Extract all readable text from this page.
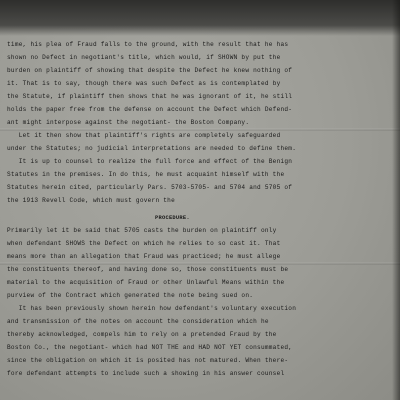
time, his plea of Fraud falls to the ground, with the result that he has
shown no Defect in negotiant's title, which would, if SHOWN by put the
burden on plaintiff of showing that despite the Defect he knew nothing of
it. That is to say, though there was such Defect as is contemplated by
the Statute, if plaintiff then shows that he was ignorant of it, he still
holds the paper free from the defense on account the Defect which Defend-
ant might interpose against the negotiant- the Boston Company.
Let it then show that plaintiff's rights are completely safeguarded
under the Statutes; no judicial interpretations are needed to define them.
It is up to counsel to realize the full force and effect of the Benign
Statutes in the premises. In do this, he must acquaint himself with the
Statutes herein cited, particularly Pars. 5703-5705- and 5704 and 5705 of
the 1913 Revell Code, which must govern the

PROCEDURE.

Primarily let it be said that 5705 casts the burden on plaintiff only
when defendant SHOWS the Defect on which he relies to so cast it. That
means more than an allegation that Fraud was practiced; he must allege
the constituents thereof, and having done so, those constituents must be
material to the acquisition of Fraud or other Unlawful Means within the
purview of the Contract which generated the note being sued on.
It has been previously shown herein how defendant's voluntary execution
and transmission of the notes on account the consideration which he
thereby acknowledged, compels him to rely on a pretended Fraud by the
Boston Co., the negotiant- which had NOT THE and HAD NOT YET consummated,
since the obligation on which it is posited has not matured. When there-
fore defendant attempts to include such a showing in his answer counsel
